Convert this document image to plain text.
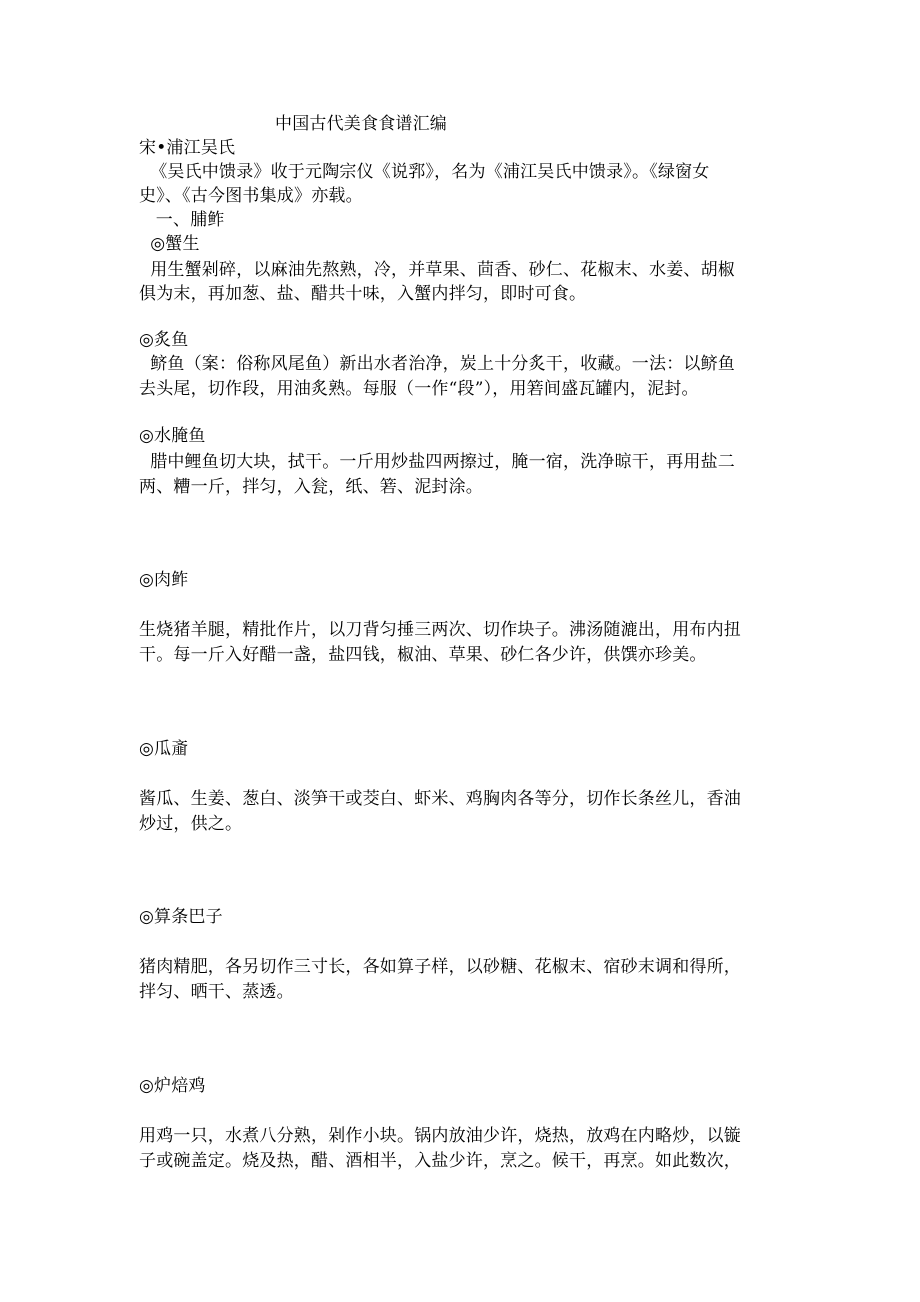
中国古代美食食谱汇编
宋•浦江吴氏
《吴氏中馈录》收于元陶宗仪《说郛》，名为《浦江吴氏中馈录》。《绿窗女
史》、《古今图书集成》亦载。
一、脯鲊
◎蟹生
用生蟹剁碎，以麻油先熬熟，冷，并草果、茴香、砂仁、花椒末、水姜、胡椒
俱为末，再加葱、盐、醋共十味，入蟹内拌匀，即时可食。
◎炙鱼
鲚鱼（案：俗称风尾鱼）新出水者治净，炭上十分炙干，收藏。一法：以鲚鱼
去头尾，切作段，用油炙熟。每服（一作“段”），用箬间盛瓦罐内，泥封。
◎水腌鱼
腊中鲤鱼切大块，拭干。一斤用炒盐四两擦过，腌一宿，洗净晾干，再用盐二
两、糟一斤，拌匀，入瓮，纸、箬、泥封涂。
◎肉鲊
生烧猪羊腿，精批作片，以刀背匀捶三两次、切作块子。沸汤随漉出，用布内扭
干。每一斤入好醋一盏，盐四钱，椒油、草果、砂仁各少许，供馔亦珍美。
◎瓜齑
酱瓜、生姜、葱白、淡笋干或茭白、虾米、鸡胸肉各等分，切作长条丝儿，香油
炒过，供之。
◎算条巴子
猪肉精肥，各另切作三寸长，各如算子样，以砂糖、花椒末、宿砂末调和得所，
拌匀、晒干、蒸透。
◎炉焙鸡
用鸡一只，水煮八分熟，剁作小块。锅内放油少许，烧热，放鸡在内略炒，以镟
子或碗盖定。烧及热，醋、酒相半，入盐少许，烹之。候干，再烹。如此数次，
